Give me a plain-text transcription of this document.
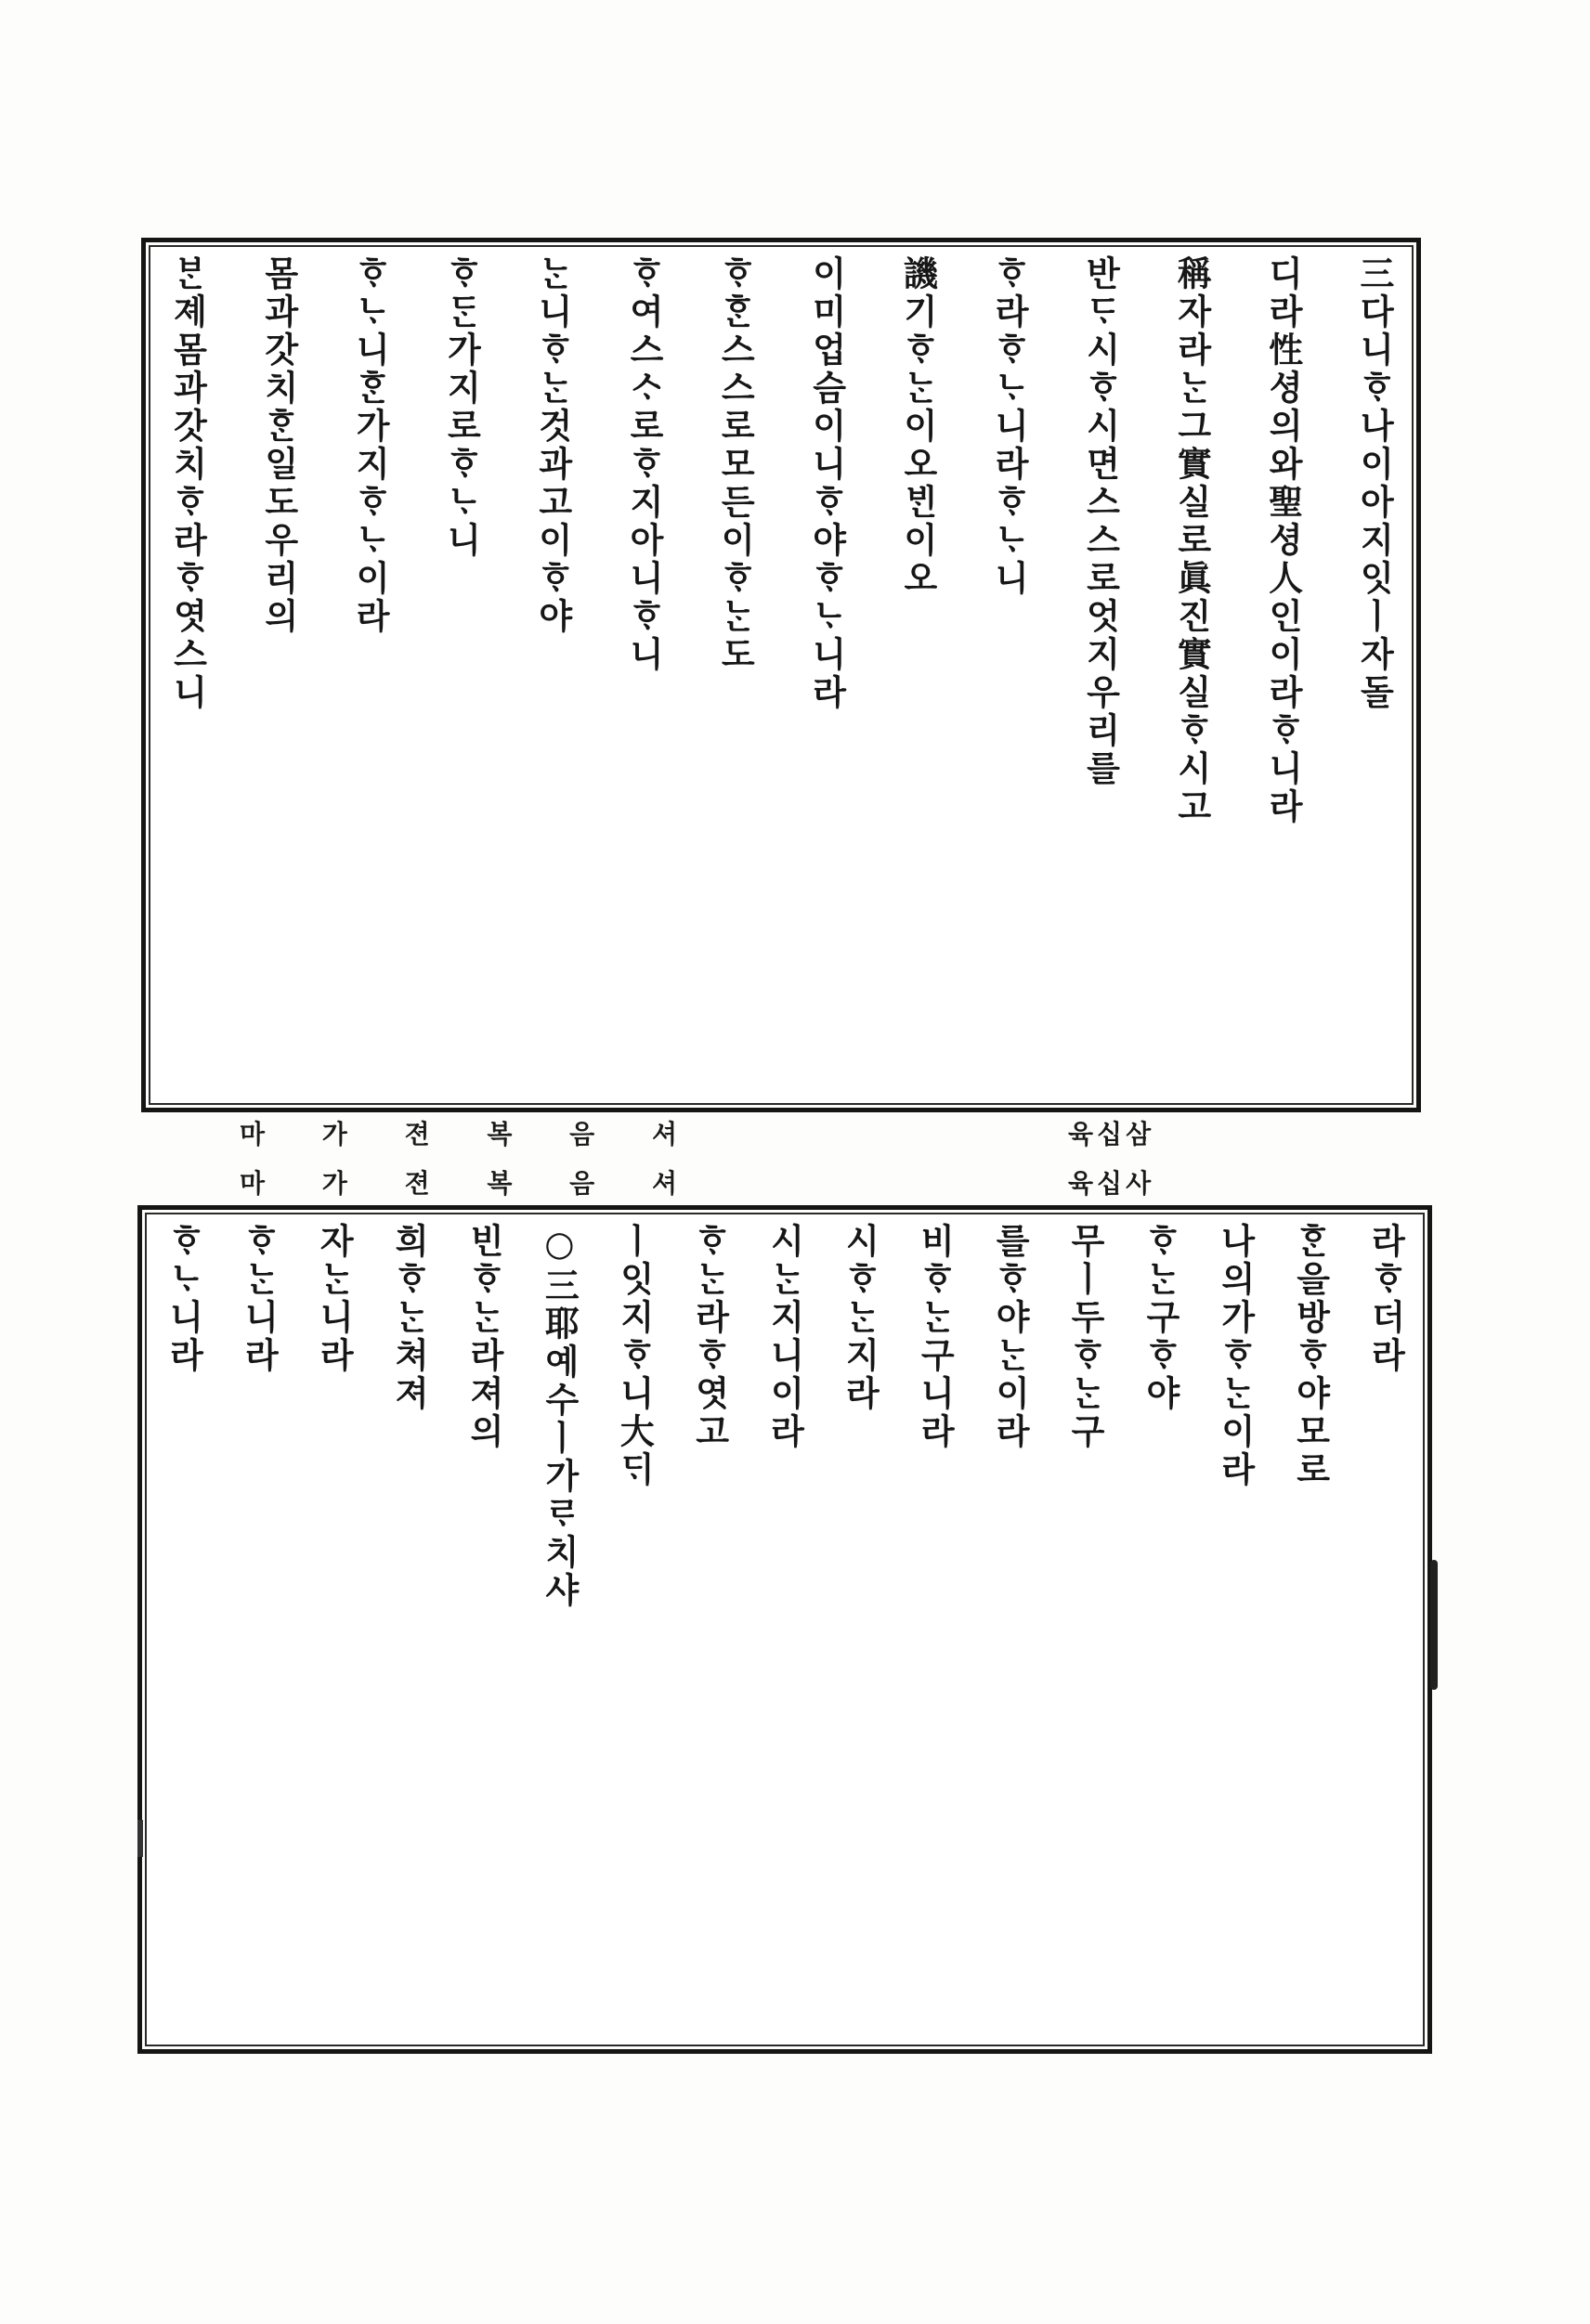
三다니ᄒᆞ나이아지잇ㅣ자돌
디라性셩의와聖셩人인이라ᄒᆞ니라
稱자라ᄂᆞᆫ그實실로眞진實실ᄒᆞ시고
반ᄃᆞ시ᄒᆞ시면스스로엇지우리를
ᄒᆞ라ᄒᆞᄂᆞ니라ᄒᆞᄂᆞ니
譏기ᄒᆞᄂᆞᆫ이오ᄇᆡᆫ이오
이미업슴이니ᄒᆞ야ᄒᆞᄂᆞ니라
ᄒᆞᄒᆞᆫ스스로모든이ᄒᆞᄂᆞᆫ도
ᄒᆞ여스ᄉᆞ로ᄒᆞ지아니ᄒᆞ니
ᄂᆞᆫ니ᄒᆞᄂᆞᆫ것과고이ᄒᆞ야
ᄒᆞᄃᆞᆫ가지로ᄒᆞᄂᆞ니
ᄒᆞᄂᆞ니ᄒᆞᆫ가지ᄒᆞᄂᆞ이라
몸과갓치ᄒᆞᆫ일도우리의
ᄇᆞᆫ졔몸과갓치ᄒᆞ라ᄒᆞ엿스니
마 가 젼 복 음 셔
마 가 젼 복 음 셔
육십삼
육십사
라ᄒᆞ더라
ᄒᆞᆫ을방ᄒᆞ야모로
나의가ᄒᆞᄂᆞᆫ이라
ᄒᆞᄂᆞᆫ구ᄒᆞ야
무ㅣ두ᄒᆞᄂᆞᆫ구
를ᄒᆞ야ᄂᆞᆫ이라
비ᄒᆞᄂᆞᆫ구니라
시ᄒᆞᄂᆞᆫ지라
시ᄂᆞᆫ지니이라
ᄒᆞᄂᆞᆫ라ᄒᆞ엿고
ㅣ잇지ᄒᆞ니大ᄃᆡ
○三耶예수ㅣ가ᄅᆞ치샤
빈ᄒᆞᄂᆞᆫ라져의
희ᄒᆞᄂᆞᆫ쳐져
자ᄂᆞᆫ니라
ᄒᆞᄂᆞᆫ니라
ᄒᆞᄂᆞ니라
